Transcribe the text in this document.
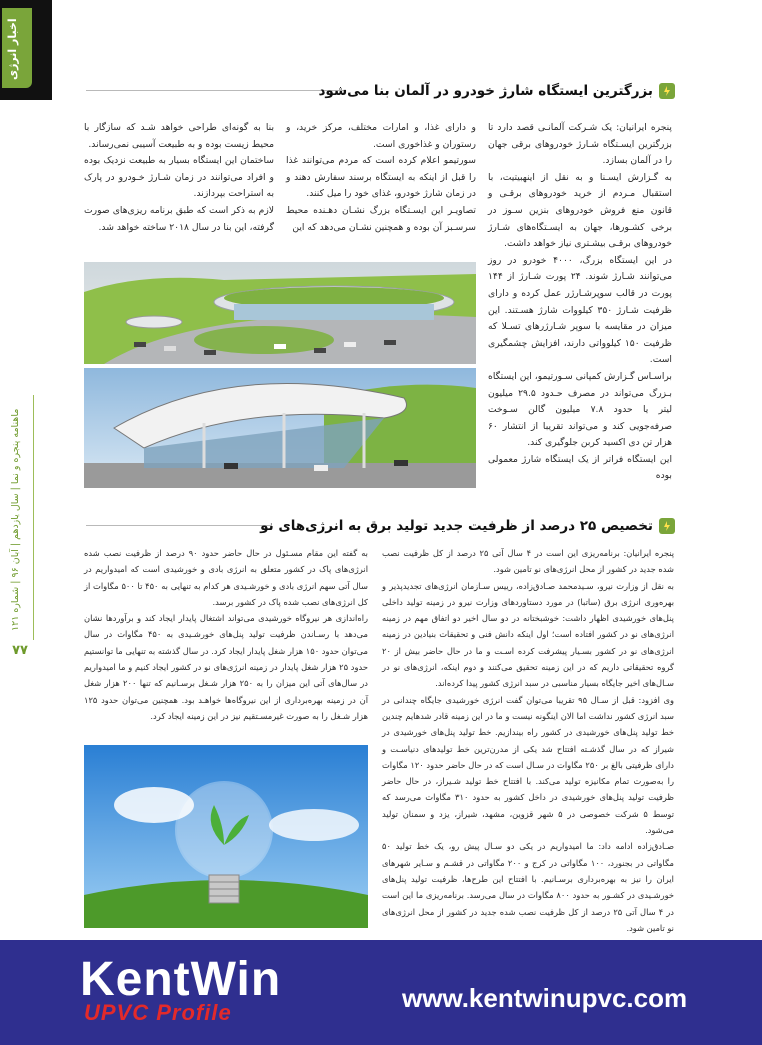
اخبار انرژی
ماهنامه پنجره و نما | سال یازدهم | آبان ۹۶ | شماره ۱۲۱
۷۷
بزرگترین ایستگاه شارژ خودرو در آلمان بنا می‌شود

پنجره ایرانیان: یک شـرکت آلمانـی قصد دارد تا بزرگترین ایسـتگاه شـارژ خودروهای برقی جهان را در آلمان بسازد.

به گـزارش ایسـنا و به نقل از اینهبیتیت، با استقبال مـردم از خرید خودروهای برقـی و قانون منع فروش خودروهای بنزین سـوز در برخی کشـورها، جهان به ایسـتگاه‌های شـارژ خودروهای برقـی بیشـتری نیاز خواهد داشت.

در این ایستگاه بزرگ، ۴۰۰۰ خودرو در روز می‌توانند شـارژ شوند. ۲۴ پورت شـارژ از ۱۴۴ پورت در قالب سوپرشـارژر عمل کرده و دارای ظرفیت شـارژ ۳۵۰ کیلووات شارژ هسـتند. این میزان در مقایسه با سوپر شـارژرهای تسـلا که ظرفیت ۱۵۰ کیلوواتی دارند، افزایش چشمگیری است.

براسـاس گـزارش کمپانی سـورتیمو، این ایستگاه بـزرگ می‌تواند در مصرف حـدود ۲۹.۵ میلیون لیتر یا حدود ۷.۸ میلیون گالن سـوخت صرفه‌جویی کند و می‌تواند تقریبا از انتشار ۶۰ هزار تن دی اکسید کربن جلوگیری کند.

این ایستگاه فراتر از یک ایستگاه شارژ معمولی بوده

و دارای غذا، و امارات مختلف، مرکز خرید، و رستوران و غذاخوری است.

سورتیمو اعلام کرده است که مردم می‌توانند غذا را قبل از اینکه به ایستگاه برسند سفارش دهند و در زمان شارژ خودرو، غذای خود را میل کنند.

تصاویـر این ایسـتگاه بزرگ نشـان دهـنده محیط سرسـبز آن بوده و همچنین نشـان می‌دهد که این

بنا به گونه‌ای طراحی خواهد شـد که سازگار با محیط زیست بوده و به طبیعت آسیبی نمی‌رساند.

ساختمان این ایستگاه بسیار به طبیعت نزدیک بوده و افراد می‌توانند در زمان شـارژ خـودرو در پارک به استراحت بپردازند.

لازم به ذکر است که طبق برنامه ریزی‌های صورت گرفته، این بنا در سال ۲۰۱۸ ساخته خواهد شد.

تخصیص ۲۵ درصد از ظرفیت جدید تولید برق به انرژی‌های نو

پنجره ایرانیان: برنامه‌ریزی این است در ۴ سال آتی ۲۵ درصد از کل ظرفیت نصب شده جدید در کشور از محل انرژی‌های نو تامین شود.

به نقل از وزارت نیرو، سـیدمحمد صـادق‌زاده، رییس سـازمان انرژی‌های تجدیدپذیر و بهره‌وری انرژی برق (ساتبا) در مورد دستاوردهای وزارت نیرو در زمینه تولید داخلی پنل‌های خورشیدی اظهار داشت: خوشبختانه در دو سال اخیر دو اتفاق مهم در زمینه انرژی‌های نو در کشور افتاده است؛ اول اینکه دانش فنی و تحقیقات بنیادین در زمینه انرژی‌های نو در کشور بسـیار پیشرفت کرده اسـت و ما در حال حاضر بیش از ۲۰ گروه تحقیقاتی داریم که در این زمینه تحقیق می‌کنند و دوم اینکه، انرژی‌های نو در سـال‌های اخیر جایگاه بسیار مناسبی در سبد انرژی کشور پیدا کرده‌اند.

وی افزود: قبل از سـال ۹۵ تقریبا می‌توان گفت انرژی خورشیدی جایگاه چندانی در سبد انرژی کشور نداشت اما الان اینگونه نیست و ما در این زمینه قادر شدهایم چندین خط تولید پنل‌های خورشیدی در کشور راه بیندازیم. خط تولید پنل‌های خورشیدی در شیراز که در سال گذشـته افتتاح شد یکی از مدرن‌ترین خط تولیدهای دنیاسـت و دارای ظرفیتی بالغ بر ۲۵۰ مگاوات در سـال است که در حال حاضر حدود ۱۲۰ مگاوات را به‌صورت تمام مکانیزه تولید می‌کند. با افتتاح خط تولید شـیراز، در حال حاضر ظرفیت تولید پنل‌های خورشیدی در داخل کشور به حدود ۳۱۰ مگاوات می‌رسد که توسط ۵ شرکت خصوصی در ۵ شهر قزوین، مشهد، شیراز، یزد و سمنان تولید می‌شود.

صـادق‌زاده ادامه داد: ما امیدواریم در یکی دو سـال پیش رو، یک خط تولید ۵۰ مگاواتی در بجنورد، ۱۰۰ مگاواتی در کرج و ۲۰۰ مگاواتی در قشـم و سـایر شهرهای ایران را نیز به بهره‌برداری برسـانیم. با افتتاح این طرح‌ها، ظرفیت تولید پنل‌های خورشـیدی در کشـور به حدود ۸۰۰ مگاوات در سال می‌رسد. برنامه‌ریزی ما این است در ۴ سال آتی ۲۵ درصد از کل ظرفیت نصب شده جدید در کشور از محل انرژی‌های نو تامین شود.

به گفته این مقام مسـئول در حال حاضر حدود ۹۰ درصد از ظرفیت نصب شده انرژی‌های پاک در کشور متعلق به انرژی بادی و خورشیدی است که امیدواریم در سال آتی سهم انرژی بادی و خورشـیدی هر کدام به تنهایی به ۴۵۰ تا ۵۰۰ مگاوات از کل انرژی‌های نصب شده پاک در کشور برسد.

راه‌اندازی هر نیروگاه خورشیدی می‌تواند اشتغال پایدار ایجاد کند و برآوردها نشان می‌دهد با رسـاندن ظرفیت تولید پنل‌های خورشـیدی به ۴۵۰ مگاوات در سال می‌توان حدود ۱۵۰ هزار شغل پایدار ایجاد کرد. در سال گذشته به تنهایی ما توانستیم حدود ۲۵ هزار شغل پایدار در زمینه انرژی‌های نو در کشور ایجاد کنیم و ما امیدواریم در سال‌های آتی این میزان را به ۲۵۰ هزار شـغل برسـانیم که تنها ۲۰۰ هزار شغل آن در زمینه بهره‌برداری از این نیروگاه‌ها خواهـد بود. همچنین می‌توان حدود ۱۲۵ هزار شـغل را به صورت غیرمسـتقیم نیز در این زمینه ایجاد کرد.

KentWin
UPVC Profile	www.kentwinupvc.com
